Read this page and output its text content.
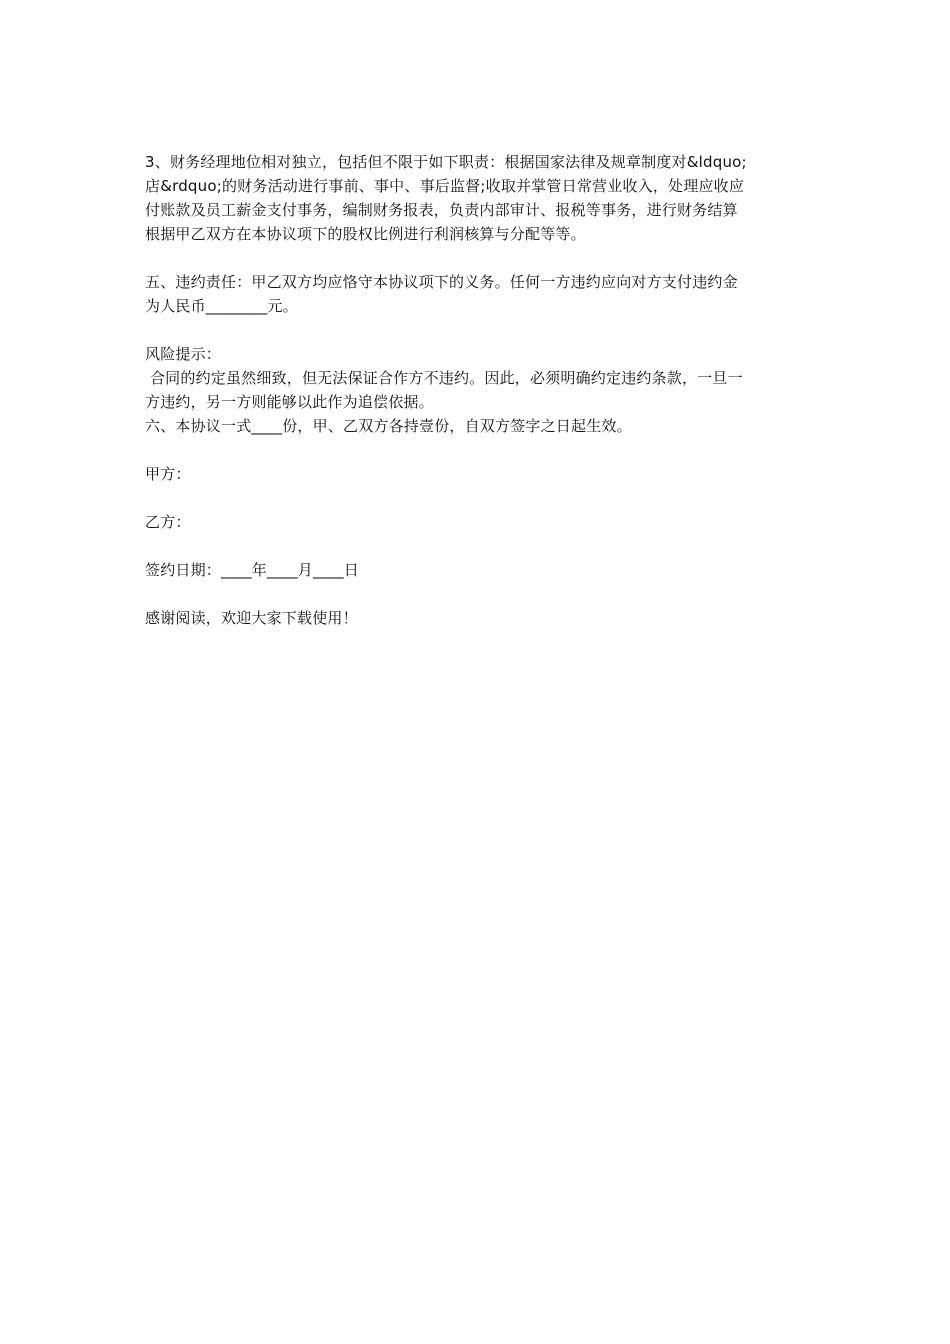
3、财务经理地位相对独立，包括但不限于如下职责：根据国家法律及规章制度对&ldquo;
店&rdquo;的财务活动进行事前、事中、事后监督;收取并掌管日常营业收入，处理应收应
付账款及员工薪金支付事务，编制财务报表，负责内部审计、报税等事务，进行财务结算
根据甲乙双方在本协议项下的股权比例进行利润核算与分配等等。
五、违约责任：甲乙双方均应恪守本协议项下的义务。任何一方违约应向对方支付违约金
为人民币________元。
风险提示：
合同的约定虽然细致，但无法保证合作方不违约。因此，必须明确约定违约条款，一旦一
方违约，另一方则能够以此作为追偿依据。
六、本协议一式____份，甲、乙双方各持壹份，自双方签字之日起生效。
甲方：
乙方：
签约日期：____年____月____日
感谢阅读，欢迎大家下载使用！
